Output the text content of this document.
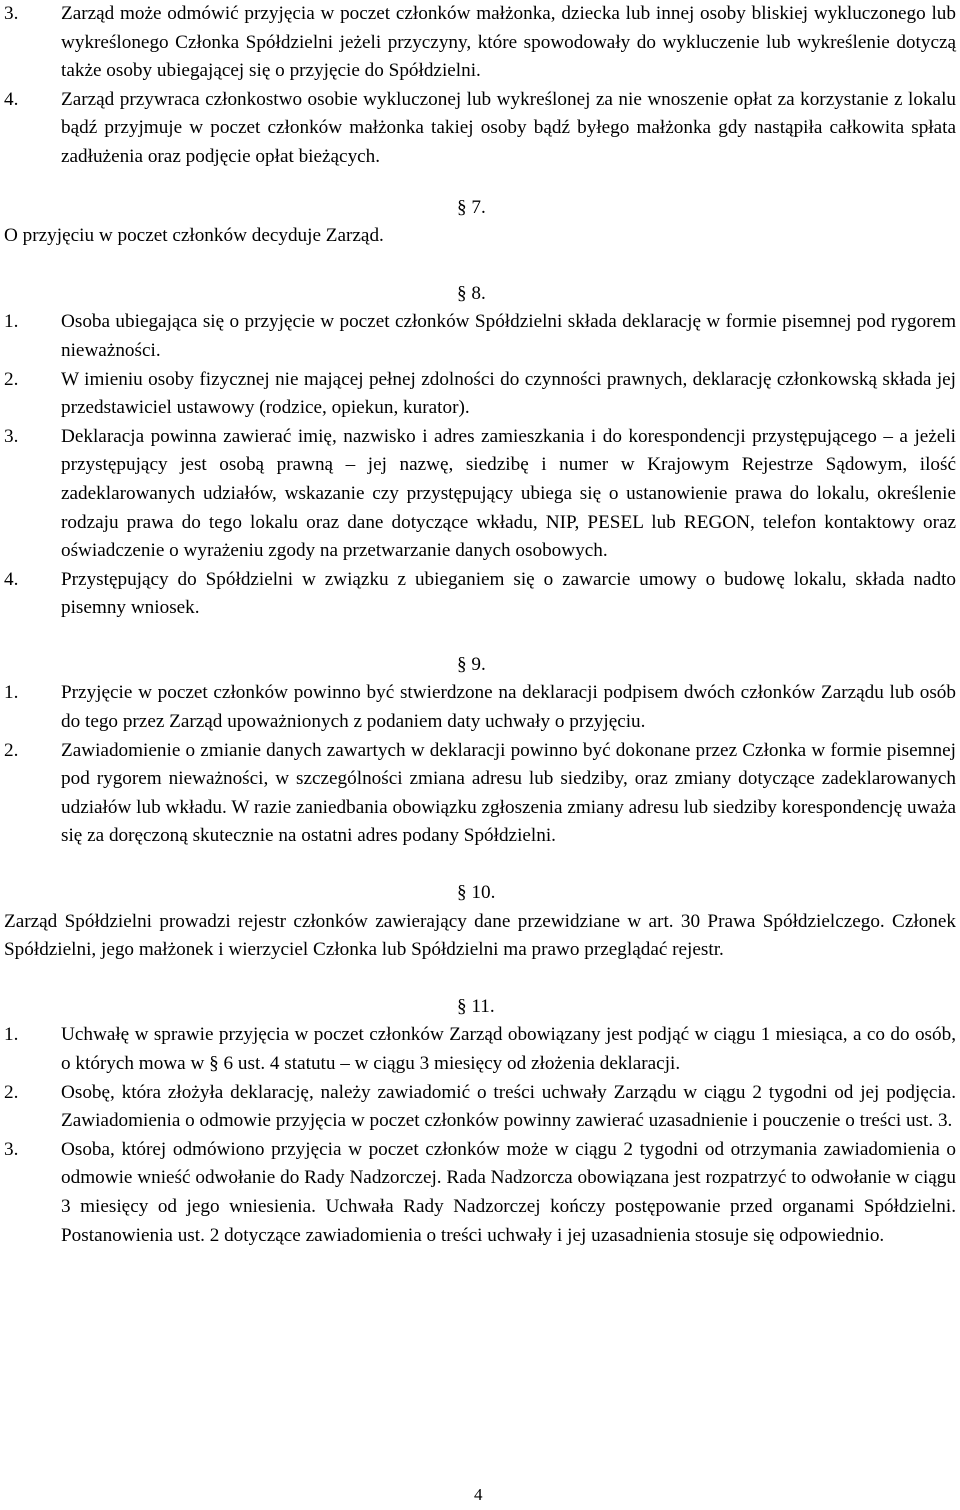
3. Zarząd może odmówić przyjęcia w poczet członków małżonka, dziecka lub innej osoby bliskiej wykluczonego lub wykreślonego Członka Spółdzielni jeżeli przyczyny, które spowodowały do wykluczenie lub wykreślenie dotyczą także osoby ubiegającej się o przyjęcie do Spółdzielni.
4. Zarząd przywraca członkostwo osobie wykluczonej lub wykreślonej za nie wnoszenie opłat za korzystanie z lokalu bądź przyjmuje w poczet członków małżonka takiej osoby bądź byłego małżonka gdy nastąpiła całkowita spłata zadłużenia oraz podjęcie opłat bieżących.
§ 7.
O przyjęciu w poczet członków decyduje Zarząd.
§ 8.
1. Osoba ubiegająca się o przyjęcie w poczet członków Spółdzielni składa deklarację w formie pisemnej pod rygorem nieważności.
2. W imieniu osoby fizycznej nie mającej pełnej zdolności do czynności prawnych, deklarację członkowską składa jej przedstawiciel ustawowy (rodzice, opiekun, kurator).
3. Deklaracja powinna zawierać imię, nazwisko i adres zamieszkania i do korespondencji przystępującego – a jeżeli przystępujący jest osobą prawną – jej nazwę, siedzibę i numer w Krajowym Rejestrze Sądowym, ilość zadeklarowanych udziałów, wskazanie czy przystępujący ubiega się o ustanowienie prawa do lokalu, określenie rodzaju prawa do tego lokalu oraz dane dotyczące wkładu, NIP, PESEL lub REGON, telefon kontaktowy oraz oświadczenie o wyrażeniu zgody na przetwarzanie danych osobowych.
4. Przystępujący do Spółdzielni w związku z ubieganiem się o zawarcie umowy o budowę lokalu, składa nadto pisemny wniosek.
§ 9.
1. Przyjęcie w poczet członków powinno być stwierdzone na deklaracji podpisem dwóch członków Zarządu lub osób do tego przez Zarząd upoważnionych z podaniem daty uchwały o przyjęciu.
2. Zawiadomienie o zmianie danych zawartych w deklaracji powinno być dokonane przez Członka w formie pisemnej pod rygorem nieważności, w szczególności zmiana adresu lub siedziby, oraz zmiany dotyczące zadeklarowanych udziałów lub wkładu. W razie zaniedbania obowiązku zgłoszenia zmiany adresu lub siedziby korespondencję uważa się za doręczoną skutecznie na ostatni adres podany Spółdzielni.
§ 10.
Zarząd Spółdzielni prowadzi rejestr członków zawierający dane przewidziane w art. 30 Prawa Spółdzielczego. Członek Spółdzielni, jego małżonek i wierzyciel Członka lub Spółdzielni ma prawo przeglądać rejestr.
§ 11.
1. Uchwałę w sprawie przyjęcia w poczet członków Zarząd obowiązany jest podjąć w ciągu 1 miesiąca, a co do osób, o których mowa w § 6 ust. 4 statutu – w ciągu 3 miesięcy od złożenia deklaracji.
2. Osobę, która złożyła deklarację, należy zawiadomić o treści uchwały Zarządu w ciągu 2 tygodni od jej podjęcia. Zawiadomienia o odmowie przyjęcia w poczet członków powinny zawierać uzasadnienie i pouczenie o treści ust. 3.
3. Osoba, której odmówiono przyjęcia w poczet członków może w ciągu 2 tygodni od otrzymania zawiadomienia o odmowie wnieść odwołanie do Rady Nadzorczej. Rada Nadzorcza obowiązana jest rozpatrzyć to odwołanie w ciągu 3 miesięcy od jego wniesienia. Uchwała Rady Nadzorczej kończy postępowanie przed organami Spółdzielni. Postanowienia ust. 2 dotyczące zawiadomienia o treści uchwały i jej uzasadnienia stosuje się odpowiednio.
4
